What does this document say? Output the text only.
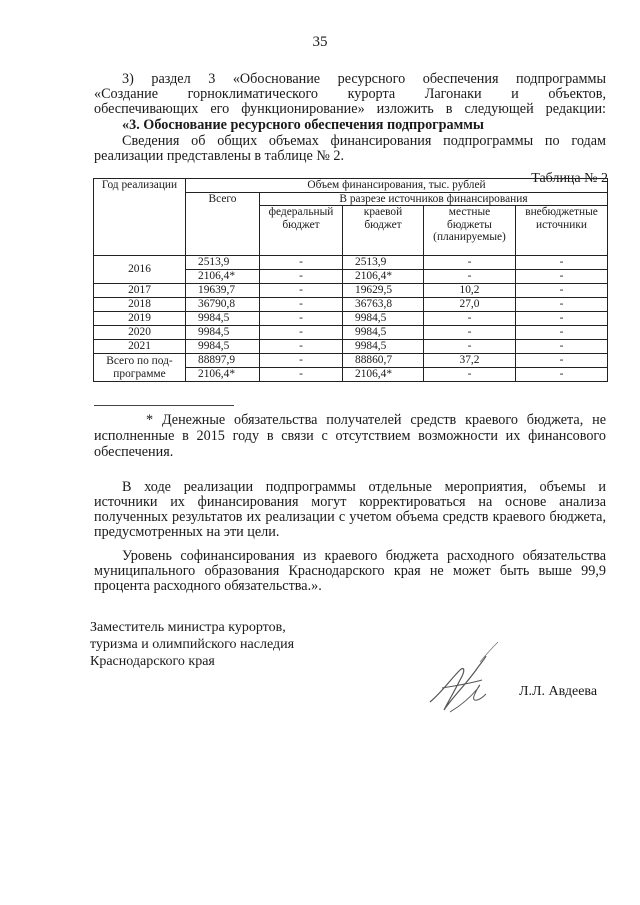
35
3) раздел 3 «Обоснование ресурсного обеспечения подпрограммы
«Создание горноклиматического курорта Лагонаки и объектов,
обеспечивающих его функционирование» изложить в следующей редакции:
«3. Обоснование ресурсного обеспечения подпрограммы
Сведения об общих объемах финансирования подпрограммы по годам
реализации представлены в таблице № 2.
Таблица № 2
Год реализации	Объем финансирования, тыс. рублей				
	Всего	В разрезе источников финансирования			
		федеральный бюджет	краевой бюджет	местные бюджеты (планируемые)	внебюджетные источники
2016	2513,9	-	2513,9	-	-
	2106,4*	-	2106,4*	-	-
2017	19639,7	-	19629,5	10,2	-
2018	36790,8	-	36763,8	27,0	-
2019	9984,5	-	9984,5	-	-
2020	9984,5	-	9984,5	-	-
2021	9984,5	-	9984,5	-	-
Всего по под-	88897,9	-	88860,7	37,2	-
программе	2106,4*	-	2106,4*	-	-
* Денежные обязательства получателей средств краевого бюджета, не
исполненные в 2015 году в связи с отсутствием возможности их финансового
обеспечения.
В ходе реализации подпрограммы отдельные мероприятия, объемы и
источники их финансирования могут корректироваться на основе анализа
полученных результатов их реализации с учетом объема средств краевого бюджета,
предусмотренных на эти цели.
Уровень софинансирования из краевого бюджета расходного обязательства
муниципального образования Краснодарского края не может быть выше 99,9
процента расходного обязательства.».
Заместитель министра курортов,
туризма и олимпийского наследия
Краснодарского края
Л.Л. Авдеева
